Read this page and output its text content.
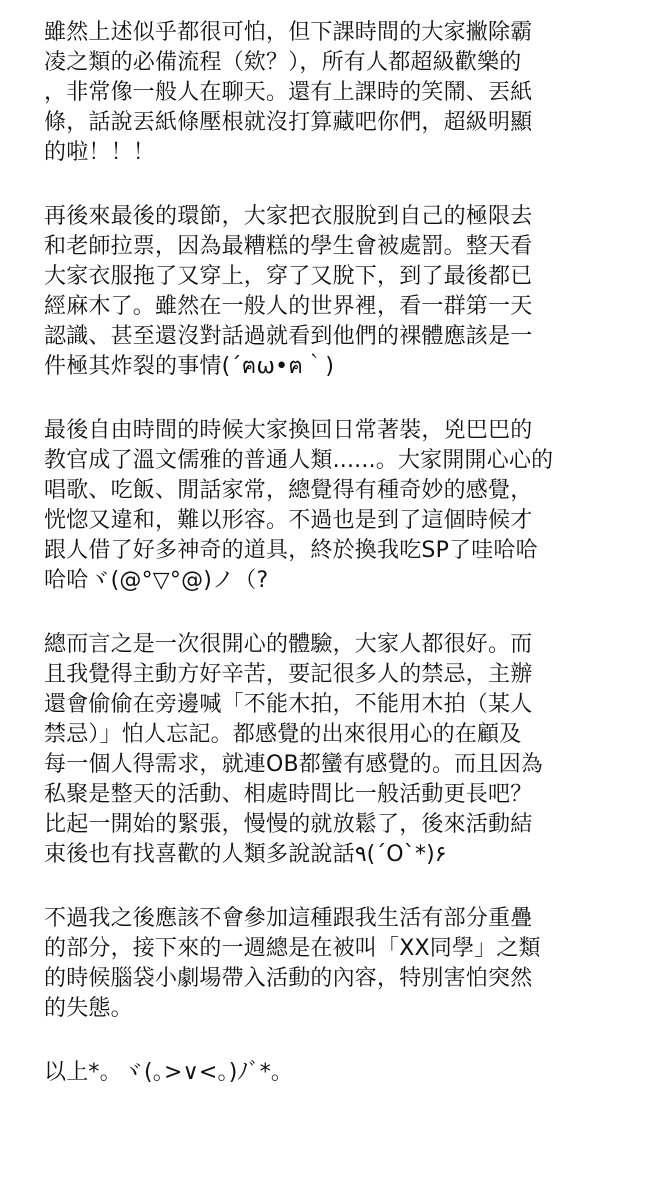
雖然上述似乎都很可怕，但下課時間的大家撇除霸
凌之類的必備流程（欸？），所有人都超級歡樂的
，非常像一般人在聊天。還有上課時的笑鬧、丟紙
條，話說丟紙條壓根就沒打算藏吧你們，超級明顯
的啦！！！
再後來最後的環節，大家把衣服脫到自己的極限去
和老師拉票，因為最糟糕的學生會被處罰。整天看
大家衣服拖了又穿上，穿了又脫下，到了最後都已
經麻木了。雖然在一般人的世界裡，看一群第一天
認識、甚至還沒對話過就看到他們的裸體應該是一
件極其炸裂的事情(´ฅω•ฅ｀)
最後自由時間的時候大家換回日常著裝，兇巴巴的
教官成了溫文儒雅的普通人類......。大家開開心心的
唱歌、吃飯、閒話家常，總覺得有種奇妙的感覺，
恍惚又違和，難以形容。不過也是到了這個時候才
跟人借了好多神奇的道具，終於換我吃SP了哇哈哈
哈哈ヾ(@°▽°@)ノ（?
總而言之是一次很開心的體驗，大家人都很好。而
且我覺得主動方好辛苦，要記很多人的禁忌，主辦
還會偷偷在旁邊喊「不能木拍，不能用木拍（某人
禁忌）」怕人忘記。都感覺的出來很用心的在顧及
每一個人得需求，就連OB都蠻有感覺的。而且因為
私聚是整天的活動、相處時間比一般活動更長吧？
比起一開始的緊張，慢慢的就放鬆了，後來活動結
束後也有找喜歡的人類多說說話٩(´O`*)۶
不過我之後應該不會參加這種跟我生活有部分重疊
的部分，接下來的一週總是在被叫「XX同學」之類
的時候腦袋小劇場帶入活動的內容，特別害怕突然
的失態。
以上*。ヾ(｡>∨<｡)ﾉﾞ*。
